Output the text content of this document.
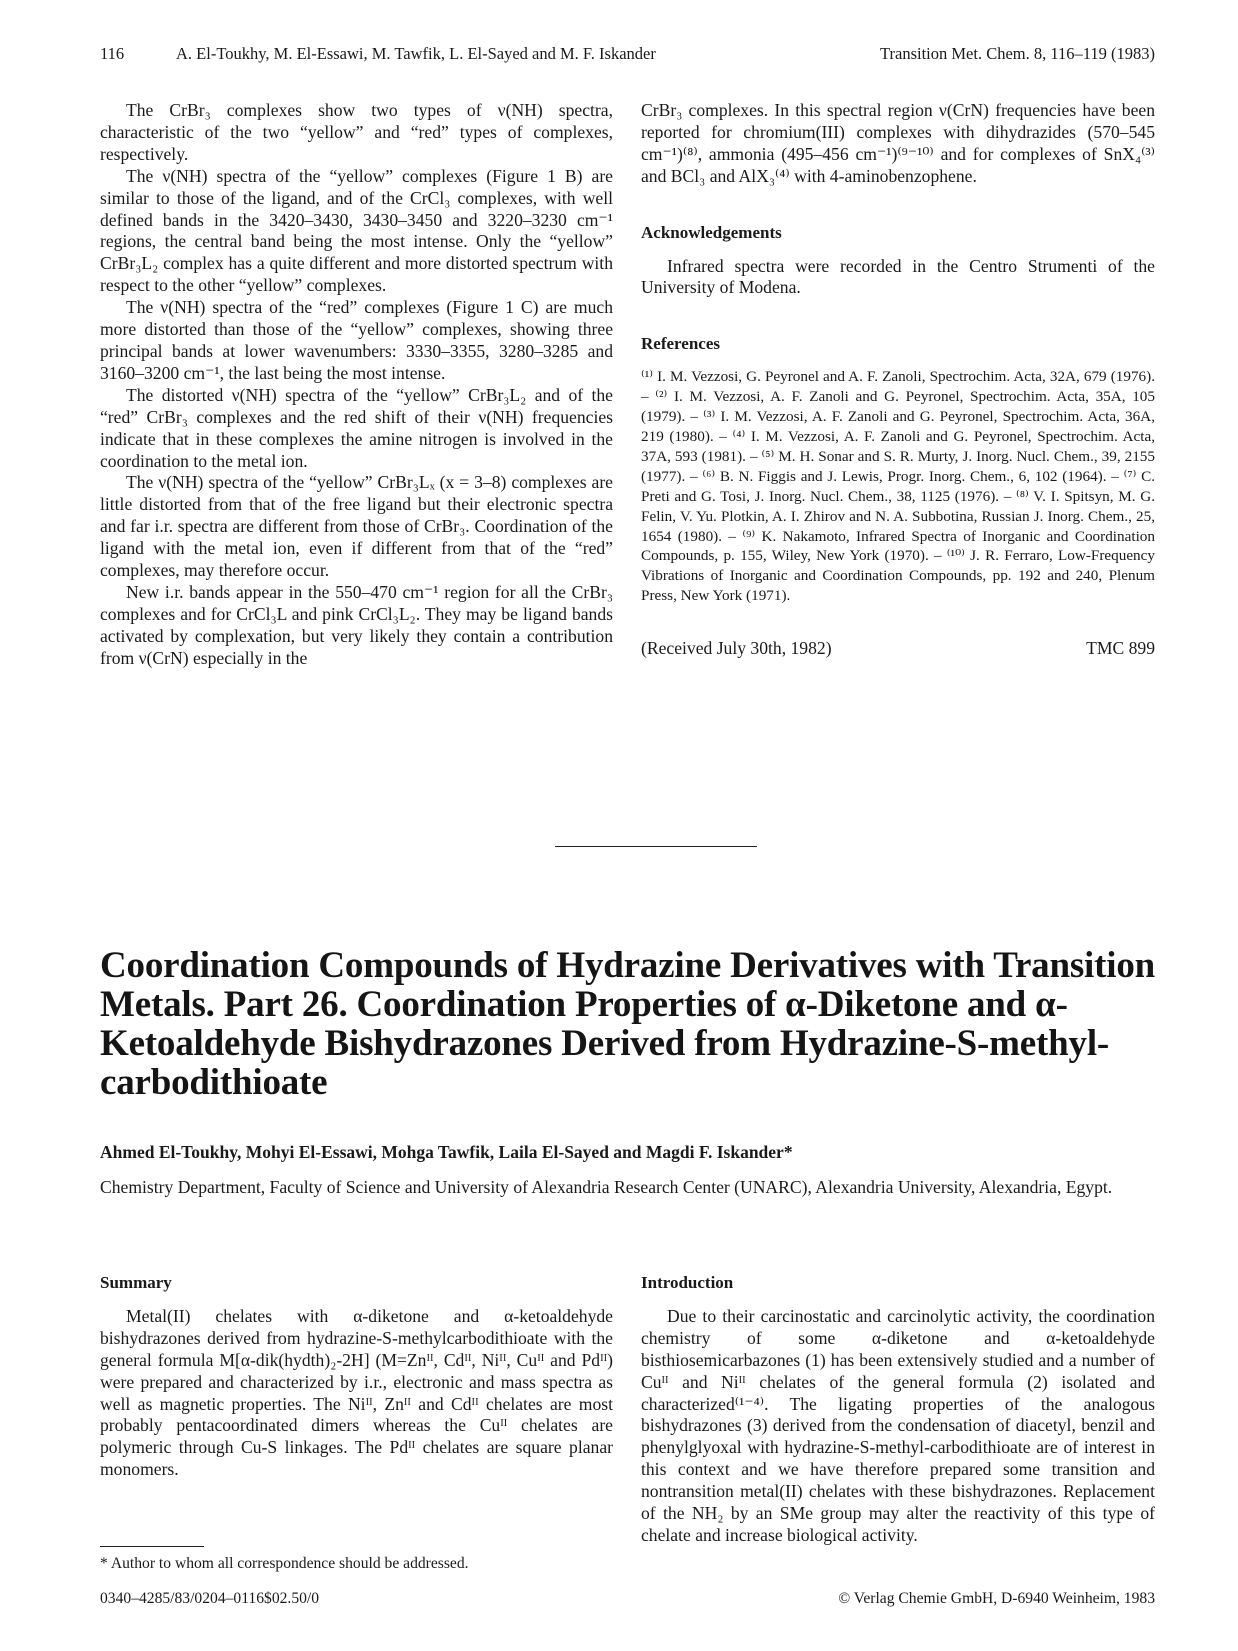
116	A. El-Toukhy, M. El-Essawi, M. Tawfik, L. El-Sayed and M. F. Iskander	Transition Met. Chem. 8, 116–119 (1983)

The CrBr₃ complexes show two types of ν(NH) spectra, characteristic of the two “yellow” and “red” types of complexes, respectively.

The ν(NH) spectra of the “yellow” complexes (Figure 1 B) are similar to those of the ligand, and of the CrCl₃ complexes, with well defined bands in the 3420–3430, 3430–3450 and 3220–3230 cm⁻¹ regions, the central band being the most intense. Only the “yellow” CrBr₃L₂ complex has a quite different and more distorted spectrum with respect to the other “yellow” complexes.

The ν(NH) spectra of the “red” complexes (Figure 1 C) are much more distorted than those of the “yellow” complexes, showing three principal bands at lower wavenumbers: 3330–3355, 3280–3285 and 3160–3200 cm⁻¹, the last being the most intense.

The distorted ν(NH) spectra of the “yellow” CrBr₃L₂ and of the “red” CrBr₃ complexes and the red shift of their ν(NH) frequencies indicate that in these complexes the amine nitrogen is involved in the coordination to the metal ion.

The ν(NH) spectra of the “yellow” CrBr₃Lₓ (x = 3–8) complexes are little distorted from that of the free ligand but their electronic spectra and far i.r. spectra are different from those of CrBr₃. Coordination of the ligand with the metal ion, even if different from that of the “red” complexes, may therefore occur.

New i.r. bands appear in the 550–470 cm⁻¹ region for all the CrBr₃ complexes and for CrCl₃L and pink CrCl₃L₂. They may be ligand bands activated by complexation, but very likely they contain a contribution from ν(CrN) especially in the

CrBr₃ complexes. In this spectral region ν(CrN) frequencies have been reported for chromium(III) complexes with dihydrazides (570–545 cm⁻¹)⁽⁸⁾, ammonia (495–456 cm⁻¹)⁽⁹⁻¹⁰⁾ and for complexes of SnX₄⁽³⁾ and BCl₃ and AlX₃⁽⁴⁾ with 4-aminobenzophene.

Acknowledgements

Infrared spectra were recorded in the Centro Strumenti of the University of Modena.

References

⁽¹⁾ I. M. Vezzosi, G. Peyronel and A. F. Zanoli, Spectrochim. Acta, 32A, 679 (1976). – ⁽²⁾ I. M. Vezzosi, A. F. Zanoli and G. Peyronel, Spectrochim. Acta, 35A, 105 (1979). – ⁽³⁾ I. M. Vezzosi, A. F. Zanoli and G. Peyronel, Spectrochim. Acta, 36A, 219 (1980). – ⁽⁴⁾ I. M. Vezzosi, A. F. Zanoli and G. Peyronel, Spectrochim. Acta, 37A, 593 (1981). – ⁽⁵⁾ M. H. Sonar and S. R. Murty, J. Inorg. Nucl. Chem., 39, 2155 (1977). – ⁽⁶⁾ B. N. Figgis and J. Lewis, Progr. Inorg. Chem., 6, 102 (1964). – ⁽⁷⁾ C. Preti and G. Tosi, J. Inorg. Nucl. Chem., 38, 1125 (1976). – ⁽⁸⁾ V. I. Spitsyn, M. G. Felin, V. Yu. Plotkin, A. I. Zhirov and N. A. Subbotina, Russian J. Inorg. Chem., 25, 1654 (1980). – ⁽⁹⁾ K. Nakamoto, Infrared Spectra of Inorganic and Coordination Compounds, p. 155, Wiley, New York (1970). – ⁽¹⁰⁾ J. R. Ferraro, Low-Frequency Vibrations of Inorganic and Coordination Compounds, pp. 192 and 240, Plenum Press, New York (1971).

(Received July 30th, 1982)	TMC 899
Coordination Compounds of Hydrazine Derivatives with Transition Metals. Part 26. Coordination Properties of α-Diketone and α-Ketoaldehyde Bishydrazones Derived from Hydrazine-S-methyl-carbodithioate
Ahmed El-Toukhy, Mohyi El-Essawi, Mohga Tawfik, Laila El-Sayed and Magdi F. Iskander*
Chemistry Department, Faculty of Science and University of Alexandria Research Center (UNARC), Alexandria University, Alexandria, Egypt.

Summary

Metal(II) chelates with α-diketone and α-ketoaldehyde bishydrazones derived from hydrazine-S-methylcarbodithioate with the general formula M[α-dik(hydth)₂-2H] (M=Znᴵᴵ, Cdᴵᴵ, Niᴵᴵ, Cuᴵᴵ and Pdᴵᴵ) were prepared and characterized by i.r., electronic and mass spectra as well as magnetic properties. The Niᴵᴵ, Znᴵᴵ and Cdᴵᴵ chelates are most probably pentacoordinated dimers whereas the Cuᴵᴵ chelates are polymeric through Cu-S linkages. The Pdᴵᴵ chelates are square planar monomers.

Introduction

Due to their carcinostatic and carcinolytic activity, the coordination chemistry of some α-diketone and α-ketoaldehyde bisthiosemicarbazones (1) has been extensively studied and a number of Cuᴵᴵ and Niᴵᴵ chelates of the general formula (2) isolated and characterized⁽¹⁻⁴⁾. The ligating properties of the analogous bishydrazones (3) derived from the condensation of diacetyl, benzil and phenylglyoxal with hydrazine-S-methyl-carbodithioate are of interest in this context and we have therefore prepared some transition and nontransition metal(II) chelates with these bishydrazones. Replacement of the NH₂ by an SMe group may alter the reactivity of this type of chelate and increase biological activity.

* Author to whom all correspondence should be addressed.
0340–4285/83/0204–0116$02.50/0	© Verlag Chemie GmbH, D-6940 Weinheim, 1983
